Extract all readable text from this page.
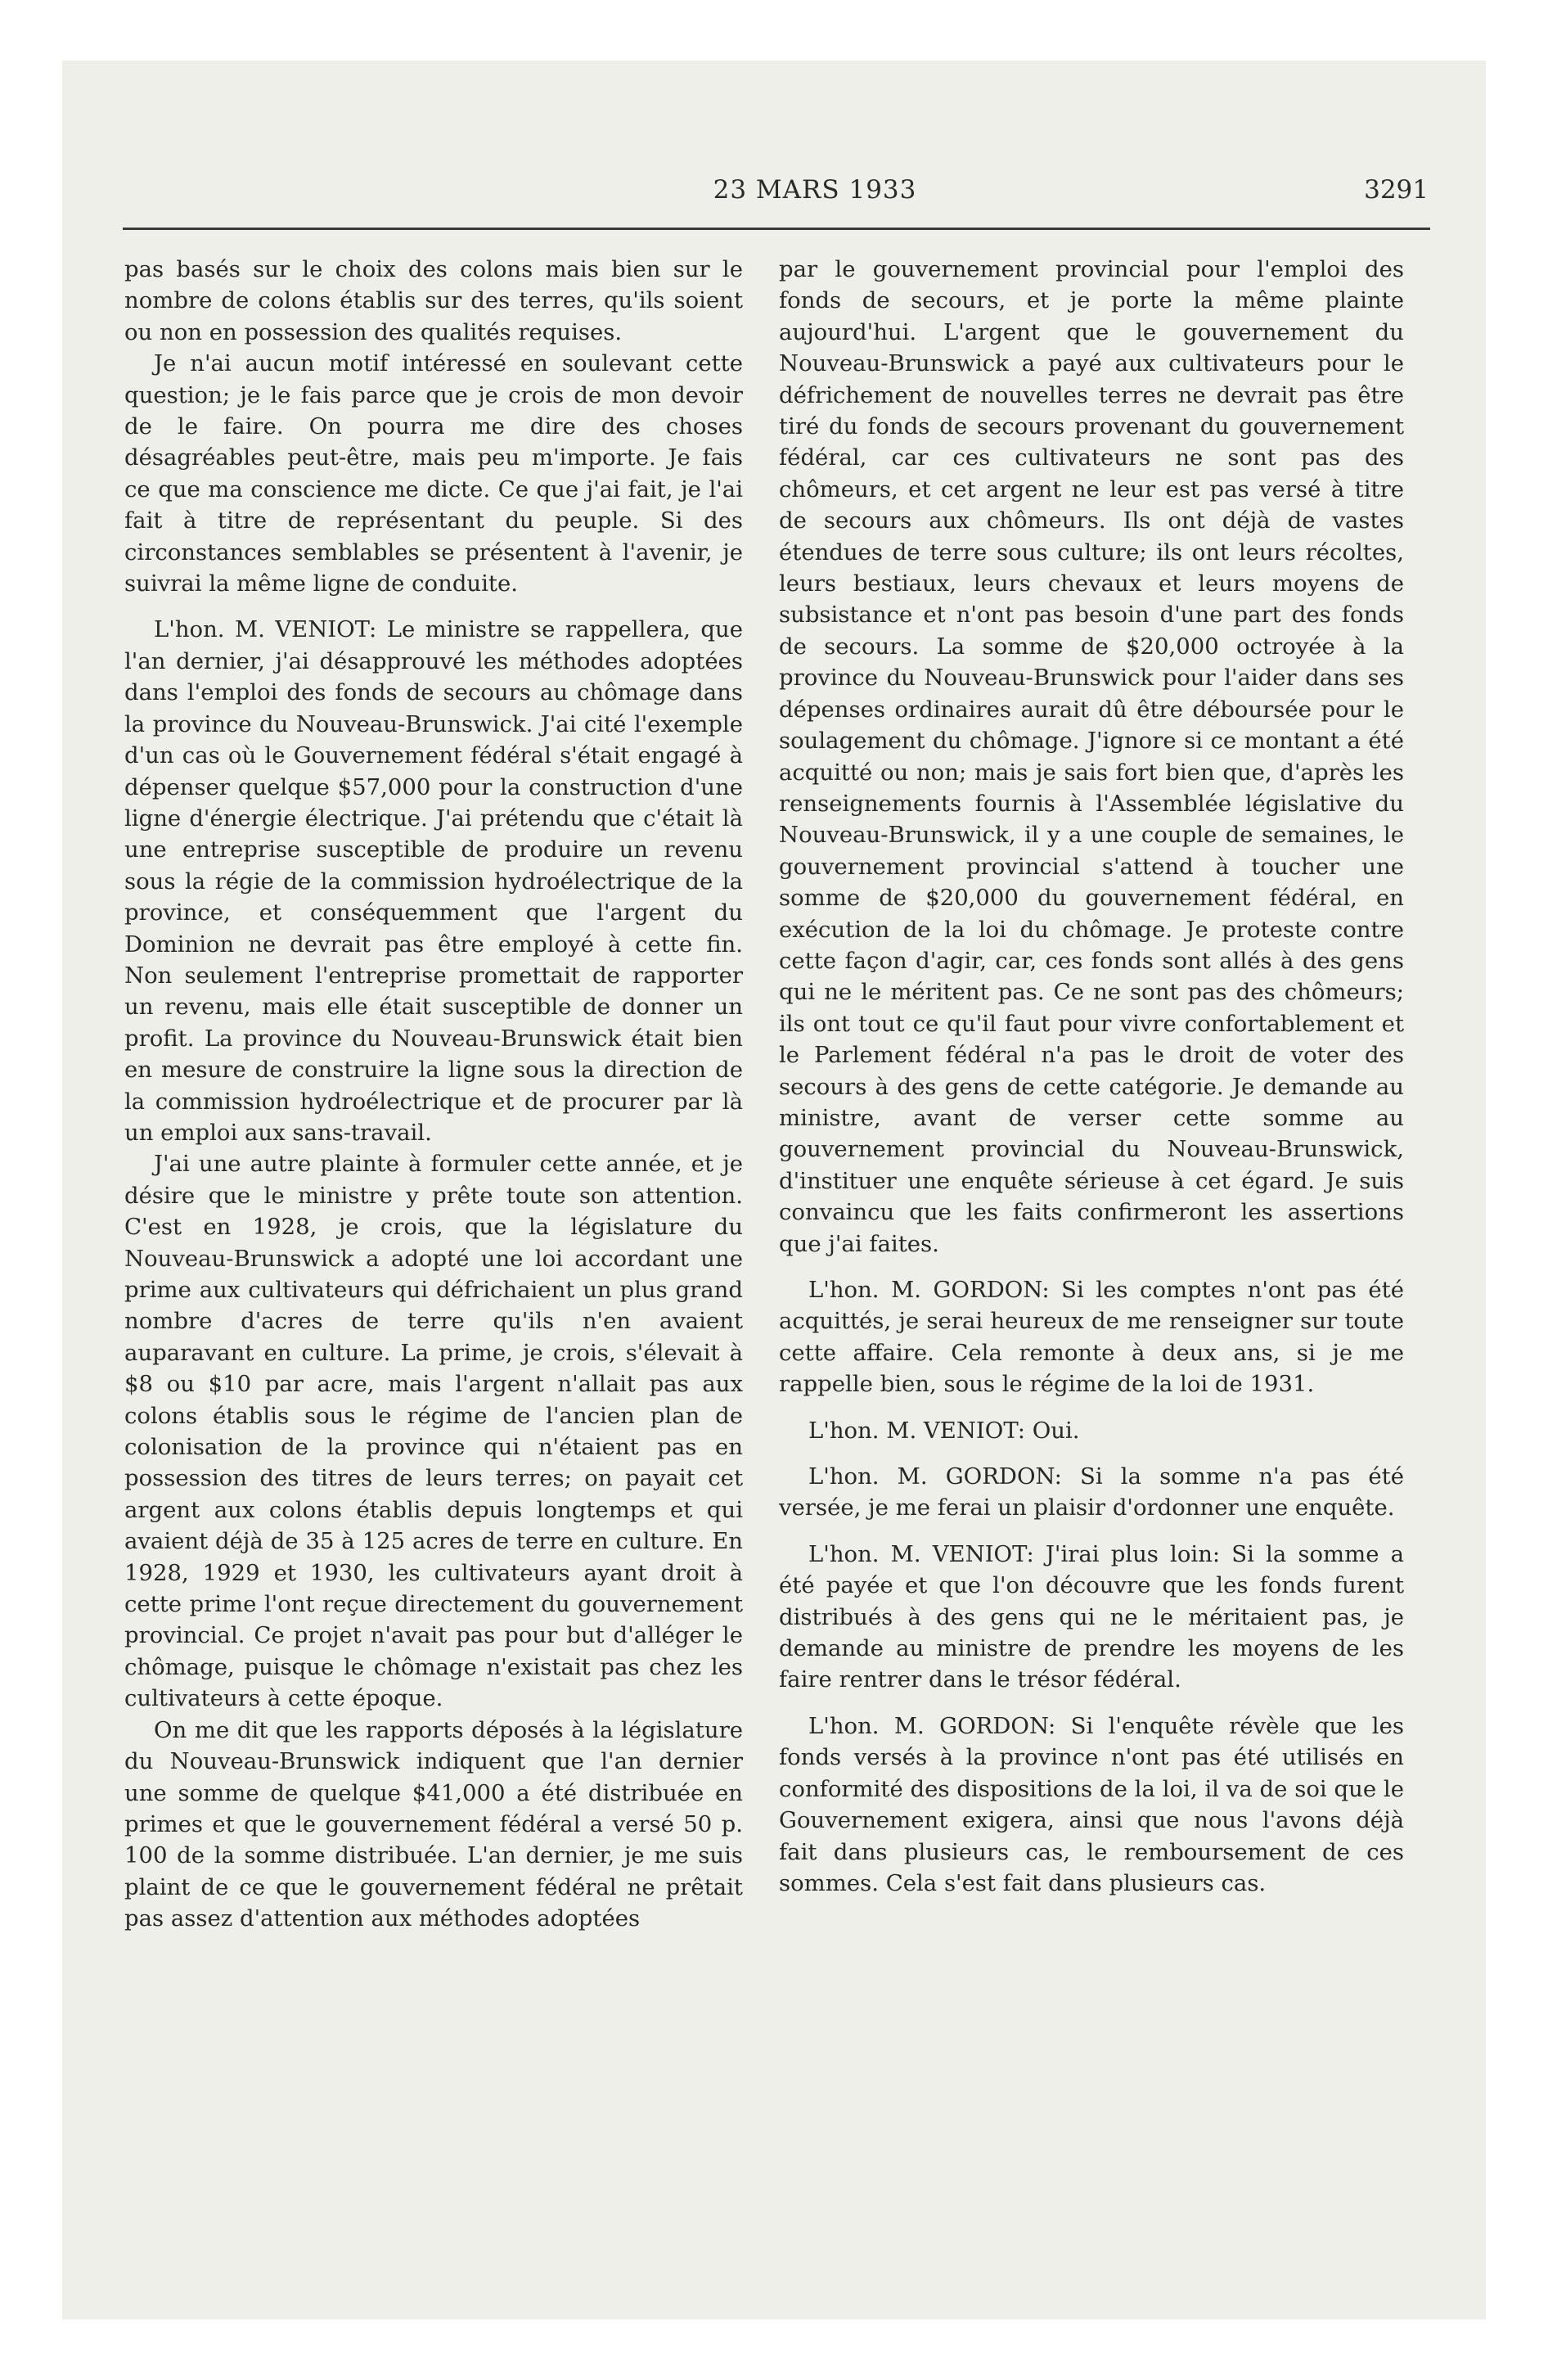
23 MARS 1933	3291

pas basés sur le choix des colons mais bien sur le nombre de colons établis sur des terres, qu'ils soient ou non en possession des qualités requises.

Je n'ai aucun motif intéressé en soulevant cette question; je le fais parce que je crois de mon devoir de le faire. On pourra me dire des choses désagréables peut-être, mais peu m'importe. Je fais ce que ma conscience me dicte. Ce que j'ai fait, je l'ai fait à titre de représentant du peuple. Si des circonstances semblables se présentent à l'avenir, je suivrai la même ligne de conduite.

L'hon. M. VENIOT: Le ministre se rappellera, que l'an dernier, j'ai désapprouvé les méthodes adoptées dans l'emploi des fonds de secours au chômage dans la province du Nouveau-Brunswick. J'ai cité l'exemple d'un cas où le Gouvernement fédéral s'était engagé à dépenser quelque $57,000 pour la construction d'une ligne d'énergie électrique. J'ai prétendu que c'était là une entreprise susceptible de produire un revenu sous la régie de la commission hydroélectrique de la province, et conséquemment que l'argent du Dominion ne devrait pas être employé à cette fin. Non seulement l'entreprise promettait de rapporter un revenu, mais elle était susceptible de donner un profit. La province du Nouveau-Brunswick était bien en mesure de construire la ligne sous la direction de la commission hydroélectrique et de procurer par là un emploi aux sans-travail.

J'ai une autre plainte à formuler cette année, et je désire que le ministre y prête toute son attention. C'est en 1928, je crois, que la législature du Nouveau-Brunswick a adopté une loi accordant une prime aux cultivateurs qui défrichaient un plus grand nombre d'acres de terre qu'ils n'en avaient auparavant en culture. La prime, je crois, s'élevait à $8 ou $10 par acre, mais l'argent n'allait pas aux colons établis sous le régime de l'ancien plan de colonisation de la province qui n'étaient pas en possession des titres de leurs terres; on payait cet argent aux colons établis depuis longtemps et qui avaient déjà de 35 à 125 acres de terre en culture. En 1928, 1929 et 1930, les cultivateurs ayant droit à cette prime l'ont reçue directement du gouvernement provincial. Ce projet n'avait pas pour but d'alléger le chômage, puisque le chômage n'existait pas chez les cultivateurs à cette époque.

On me dit que les rapports déposés à la législature du Nouveau-Brunswick indiquent que l'an dernier une somme de quelque $41,000 a été distribuée en primes et que le gouvernement fédéral a versé 50 p. 100 de la somme distribuée. L'an dernier, je me suis plaint de ce que le gouvernement fédéral ne prêtait pas assez d'attention aux méthodes adoptées

par le gouvernement provincial pour l'emploi des fonds de secours, et je porte la même plainte aujourd'hui. L'argent que le gouvernement du Nouveau-Brunswick a payé aux cultivateurs pour le défrichement de nouvelles terres ne devrait pas être tiré du fonds de secours provenant du gouvernement fédéral, car ces cultivateurs ne sont pas des chômeurs, et cet argent ne leur est pas versé à titre de secours aux chômeurs. Ils ont déjà de vastes étendues de terre sous culture; ils ont leurs récoltes, leurs bestiaux, leurs chevaux et leurs moyens de subsistance et n'ont pas besoin d'une part des fonds de secours. La somme de $20,000 octroyée à la province du Nouveau-Brunswick pour l'aider dans ses dépenses ordinaires aurait dû être déboursée pour le soulagement du chômage. J'ignore si ce montant a été acquitté ou non; mais je sais fort bien que, d'après les renseignements fournis à l'Assemblée législative du Nouveau-Brunswick, il y a une couple de semaines, le gouvernement provincial s'attend à toucher une somme de $20,000 du gouvernement fédéral, en exécution de la loi du chômage. Je proteste contre cette façon d'agir, car, ces fonds sont allés à des gens qui ne le méritent pas. Ce ne sont pas des chômeurs; ils ont tout ce qu'il faut pour vivre confortablement et le Parlement fédéral n'a pas le droit de voter des secours à des gens de cette catégorie. Je demande au ministre, avant de verser cette somme au gouvernement provincial du Nouveau-Brunswick, d'instituer une enquête sérieuse à cet égard. Je suis convaincu que les faits confirmeront les assertions que j'ai faites.

L'hon. M. GORDON: Si les comptes n'ont pas été acquittés, je serai heureux de me renseigner sur toute cette affaire. Cela remonte à deux ans, si je me rappelle bien, sous le régime de la loi de 1931.

L'hon. M. VENIOT: Oui.

L'hon. M. GORDON: Si la somme n'a pas été versée, je me ferai un plaisir d'ordonner une enquête.

L'hon. M. VENIOT: J'irai plus loin: Si la somme a été payée et que l'on découvre que les fonds furent distribués à des gens qui ne le méritaient pas, je demande au ministre de prendre les moyens de les faire rentrer dans le trésor fédéral.

L'hon. M. GORDON: Si l'enquête révèle que les fonds versés à la province n'ont pas été utilisés en conformité des dispositions de la loi, il va de soi que le Gouvernement exigera, ainsi que nous l'avons déjà fait dans plusieurs cas, le remboursement de ces sommes. Cela s'est fait dans plusieurs cas.
